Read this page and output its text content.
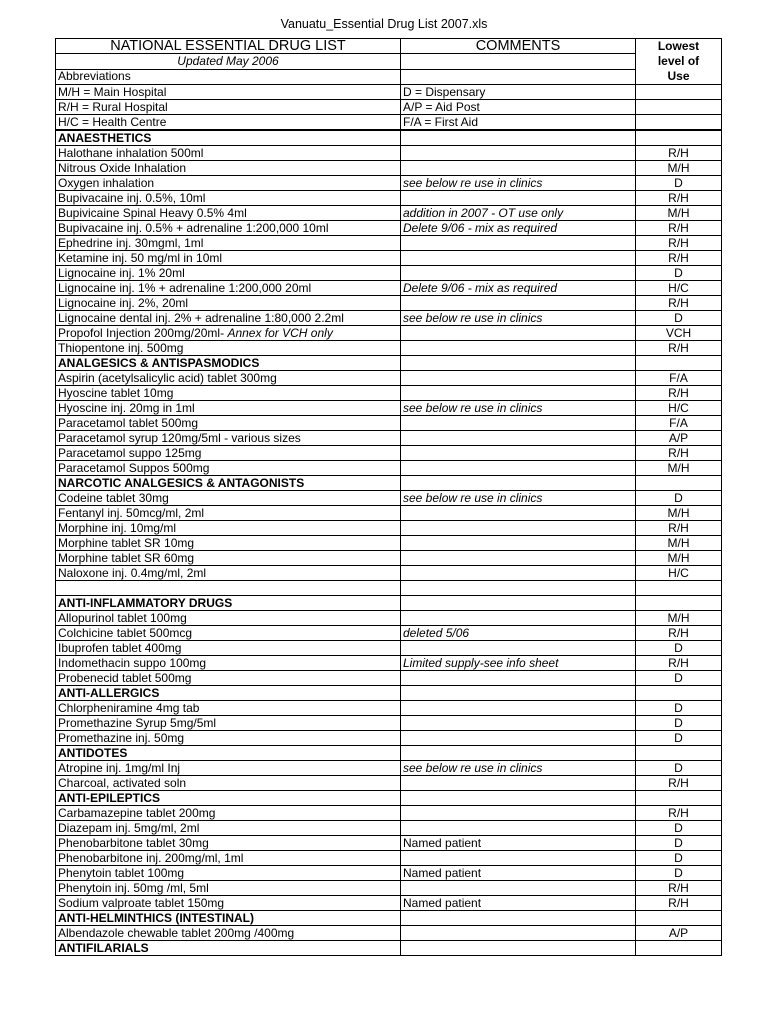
Vanuatu_Essential Drug List 2007.xls
NATIONAL ESSENTIAL DRUG LIST	COMMENTS	Lowest
level of
Use

Updated May 2006		
Abbreviations		
M/H = Main Hospital	D = Dispensary	
R/H = Rural Hospital	A/P = Aid Post	
H/C = Health Centre	F/A = First Aid	
ANAESTHETICS		
Halothane inhalation 500ml		R/H
Nitrous Oxide Inhalation		M/H
Oxygen inhalation	see below re use in clinics	D
Bupivacaine inj. 0.5%, 10ml		R/H
Bupivicaine Spinal Heavy 0.5% 4ml	addition in 2007 - OT use only	M/H
Bupivacaine inj. 0.5% + adrenaline 1:200,000 10ml	Delete 9/06 - mix as required	R/H
Ephedrine inj. 30mgml, 1ml		R/H
Ketamine inj. 50 mg/ml in 10ml		R/H
Lignocaine inj. 1% 20ml		D
Lignocaine inj. 1% + adrenaline 1:200,000 20ml	Delete 9/06 - mix as required	H/C
Lignocaine inj. 2%, 20ml		R/H
Lignocaine dental inj. 2% + adrenaline 1:80,000 2.2ml	see below re use in clinics	D
Propofol Injection 200mg/20ml- Annex for VCH only		VCH
Thiopentone inj. 500mg		R/H
ANALGESICS & ANTISPASMODICS		
Aspirin (acetylsalicylic acid) tablet 300mg		F/A
Hyoscine tablet 10mg		R/H
Hyoscine inj. 20mg in 1ml	see below re use in clinics	H/C
Paracetamol tablet 500mg		F/A
Paracetamol syrup 120mg/5ml - various sizes		A/P
Paracetamol suppo 125mg		R/H
Paracetamol Suppos 500mg		M/H
NARCOTIC ANALGESICS & ANTAGONISTS		
Codeine tablet 30mg	see below re use in clinics	D
Fentanyl inj. 50mcg/ml, 2ml		M/H
Morphine inj. 10mg/ml		R/H
Morphine tablet SR 10mg		M/H
Morphine tablet SR 60mg		M/H
Naloxone inj. 0.4mg/ml, 2ml		H/C

ANTI-INFLAMMATORY DRUGS		
Allopurinol tablet 100mg		M/H
Colchicine tablet 500mcg	deleted 5/06	R/H
Ibuprofen tablet 400mg		D
Indomethacin suppo 100mg	Limited supply-see info sheet	R/H
Probenecid tablet 500mg		D
ANTI-ALLERGICS		
Chlorpheniramine 4mg tab		D
Promethazine Syrup 5mg/5ml		D
Promethazine inj. 50mg		D
ANTIDOTES		
Atropine inj. 1mg/ml Inj	see below re use in clinics	D
Charcoal, activated soln		R/H
ANTI-EPILEPTICS		
Carbamazepine tablet 200mg		R/H
Diazepam inj. 5mg/ml, 2ml		D
Phenobarbitone tablet 30mg	Named patient	D
Phenobarbitone inj. 200mg/ml, 1ml		D
Phenytoin tablet 100mg	Named patient	D
Phenytoin inj. 50mg /ml, 5ml		R/H
Sodium valproate tablet 150mg	Named patient	R/H
ANTI-HELMINTHICS (INTESTINAL)		
Albendazole chewable tablet 200mg /400mg		A/P
ANTIFILARIALS		
